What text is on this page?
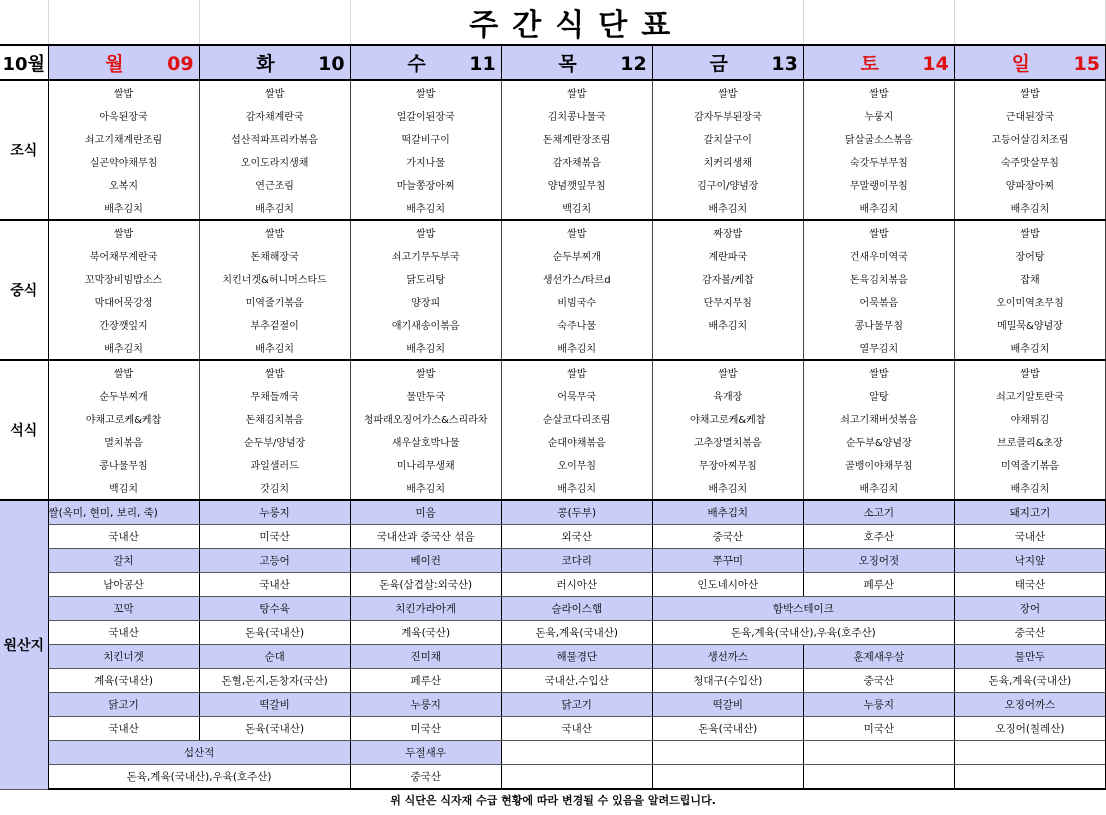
			주간식단표				
10월	월 09	화 10	수 11	목 12	금 13	토 14	일 15
조식	쌀밥	쌀밥	쌀밥	쌀밥	쌀밥	쌀밥	쌀밥
	아욱된장국	감자채계란국	얼갈이된장국	김치콩나물국	감자두부된장국	누룽지	근대된장국
	쇠고기채계란조림	섭산적파프리카볶음	떡갈비구이	돈채계란장조림	갈치살구이	닭살굴소스볶음	고등어살김치조림
	실곤약야채무침	오이도라지생채	가지나물	감자채볶음	치커리생채	숙갓두부무침	숙주맛살무침
	오복지	연근조림	마늘쫑장아찌	양념깻잎무침	김구이/양념장	무말랭이무침	양파장아찌
	배추김치	배추김치	배추김치	백김치	배추김치	배추김치	배추김치
중식	쌀밥	쌀밥	쌀밥	쌀밥	짜장밥	쌀밥	쌀밥
	북어채무계란국	돈채해장국	쇠고기무두부국	순두부찌개	계란파국	건새우미역국	장어탕
	꼬막장비빔밥소스	치킨너겟&허니머스타드	닭도리탕	생선가스/타르d	감자볼/케찹	돈육김치볶음	잡채
	막대어묵강정	미역줄기볶음	양장피	비빔국수	단무지무침	어묵볶음	오이미역초무침
	간장깻잎지	부추겉절이	애기새송이볶음	숙주나물	배추김치	콩나물무침	메밀묵&양념장
	배추김치	배추김치	배추김치	배추김치		열무김치	배추김치
석식	쌀밥	쌀밥	쌀밥	쌀밥	쌀밥	쌀밥	쌀밥
	순두부찌개	무채들깨국	물만두국	어묵무국	육개장	알탕	쇠고기알토란국
	야채고로케&케찹	돈채김치볶음	청파래오징어가스&스리라차	순살코다리조림	야채고로케&케찹	쇠고기채버섯볶음	야채튀김
	멸치볶음	순두부/양념장	새우살호박나물	순대야채볶음	고추장멸치볶음	순두부&양념장	브로콜리&초장
	콩나물무침	과일샐러드	미나리무생채	오이무침	무장아찌무침	골뱅이야채무침	미역줄기볶음
	백김치	갓김치	배추김치	배추김치	배추김치	배추김치	배추김치
원산지	쌀(옥미, 현미, 보리, 죽)	누룽지	미음	콩(두부)	배추김치	소고기	돼지고기
	국내산	미국산	국내산과 중국산 섞음	외국산	중국산	호주산	국내산
	갈치	고등어	베이컨	코다리	쭈꾸미	오징어젓	낙지앞
	남아공산	국내산	돈육(삼겹살:외국산)	러시아산	인도네시아산	페루산	태국산
	꼬막	탕수육	치킨가라아게	슬라이스햄	함박스테이크		장어
	국내산	돈육(국내산)	계육(국산)	돈육,계육(국내산)	돈육,계육(국내산),우육(호주산)		중국산
	치킨너겟	순대	진미채	해물경단	생선까스	훈제새우살	물만두
	계육(국내산)	돈혈,돈지,돈창자(국산)	페루산	국내산,수입산	청대구(수입산)	중국산	돈육,계육(국내산)
	닭고기	떡갈비	누룽지	닭고기	떡갈비	누룽지	오징어까스
	국내산	돈육(국내산)	미국산	국내산	돈육(국내산)	미국산	오징어(칠레산)
	섭산적		두절새우				
	돈육,계육(국내산),우육(호주산)		중국산				
위 식단은 식자재 수급 현황에 따라 변경될 수 있음을 알려드립니다.
